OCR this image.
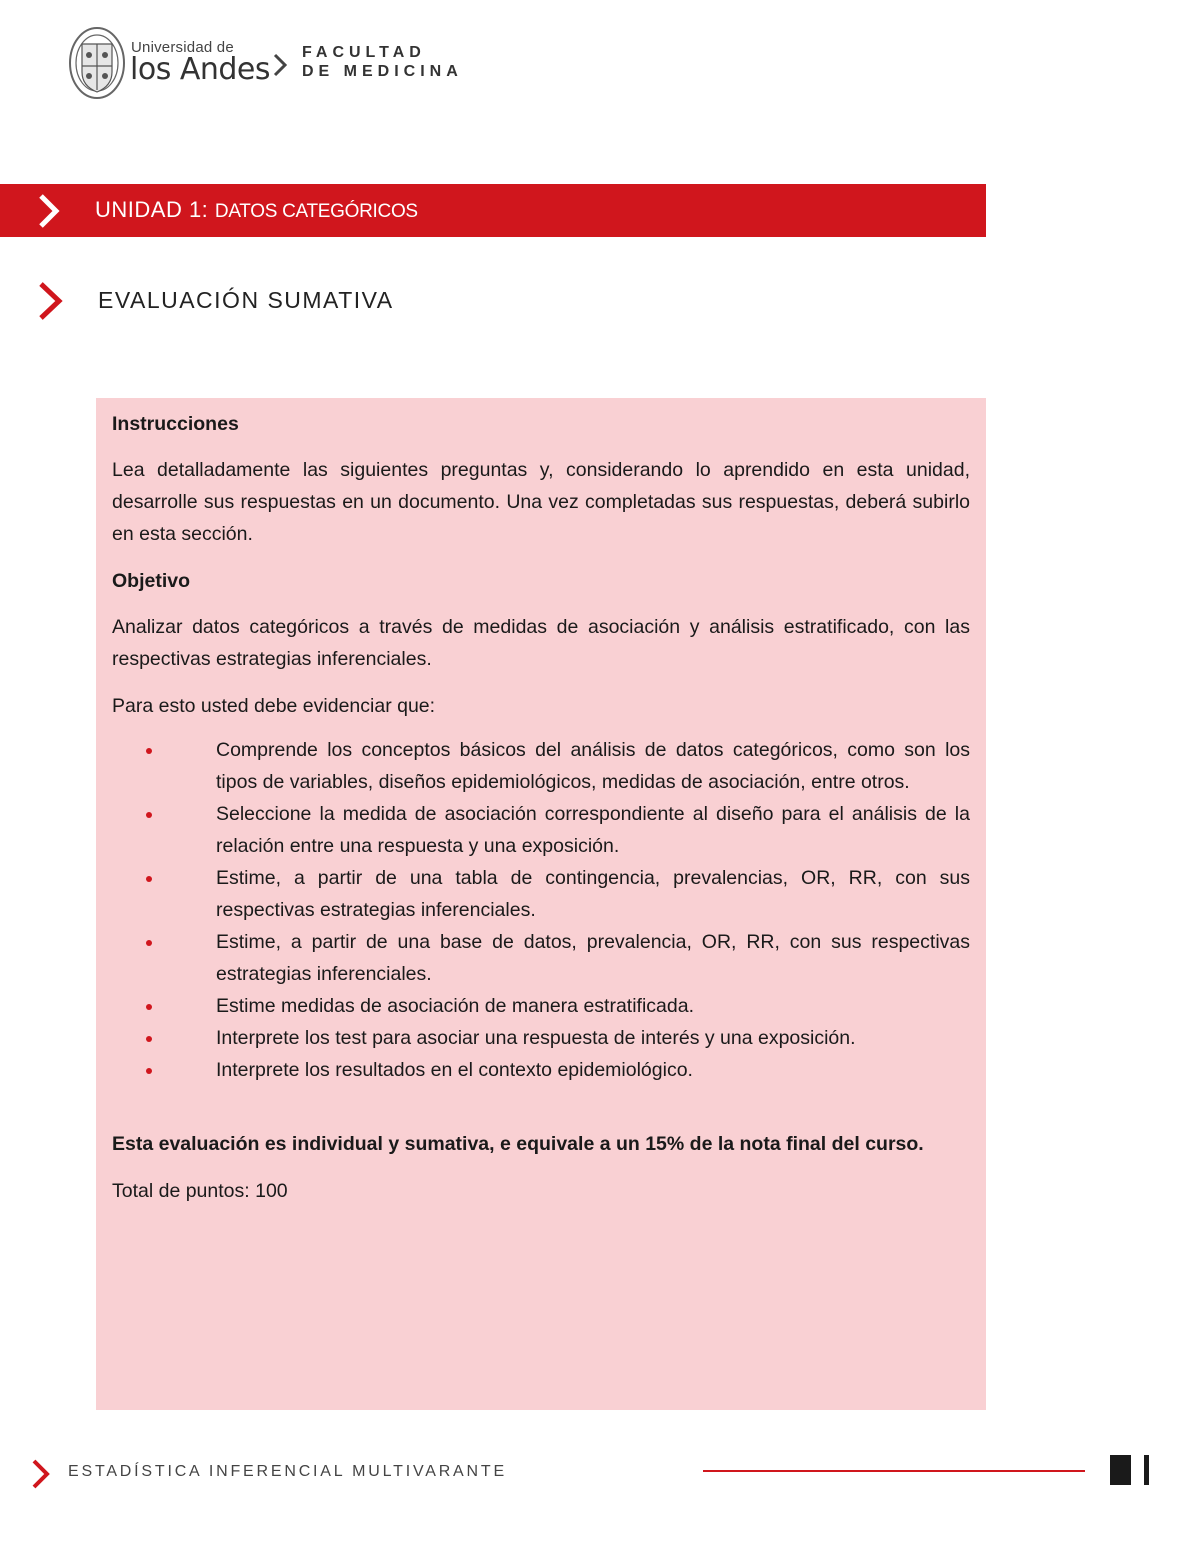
Universidad de
los Andes FACULTAD
DE MEDICINA
UNIDAD 1: DATOS CATEGÓRICOS
EVALUACIÓN SUMATIVA

Instrucciones

Lea detalladamente las siguientes preguntas y, considerando lo aprendido en esta unidad, desarrolle sus respuestas en un documento. Una vez completadas sus respuestas, deberá subirlo en esta sección.

Objetivo

Analizar datos categóricos a través de medidas de asociación y análisis estratificado, con las respectivas estrategias inferenciales.

Para esto usted debe evidenciar que:

Comprende los conceptos básicos del análisis de datos categóricos, como son los tipos de variables, diseños epidemiológicos, medidas de asociación, entre otros.
Seleccione la medida de asociación correspondiente al diseño para el análisis de la relación entre una respuesta y una exposición.
Estime, a partir de una tabla de contingencia, prevalencias, OR, RR, con sus respectivas estrategias inferenciales.
Estime, a partir de una base de datos, prevalencia, OR, RR, con sus respectivas estrategias inferenciales.
Estime medidas de asociación de manera estratificada.
Interprete los test para asociar una respuesta de interés y una exposición.
Interprete los resultados en el contexto epidemiológico.

Esta evaluación es individual y sumativa, e equivale a un 15% de la nota final del curso.

Total de puntos: 100

ESTADÍSTICA INFERENCIAL MULTIVARANTE
